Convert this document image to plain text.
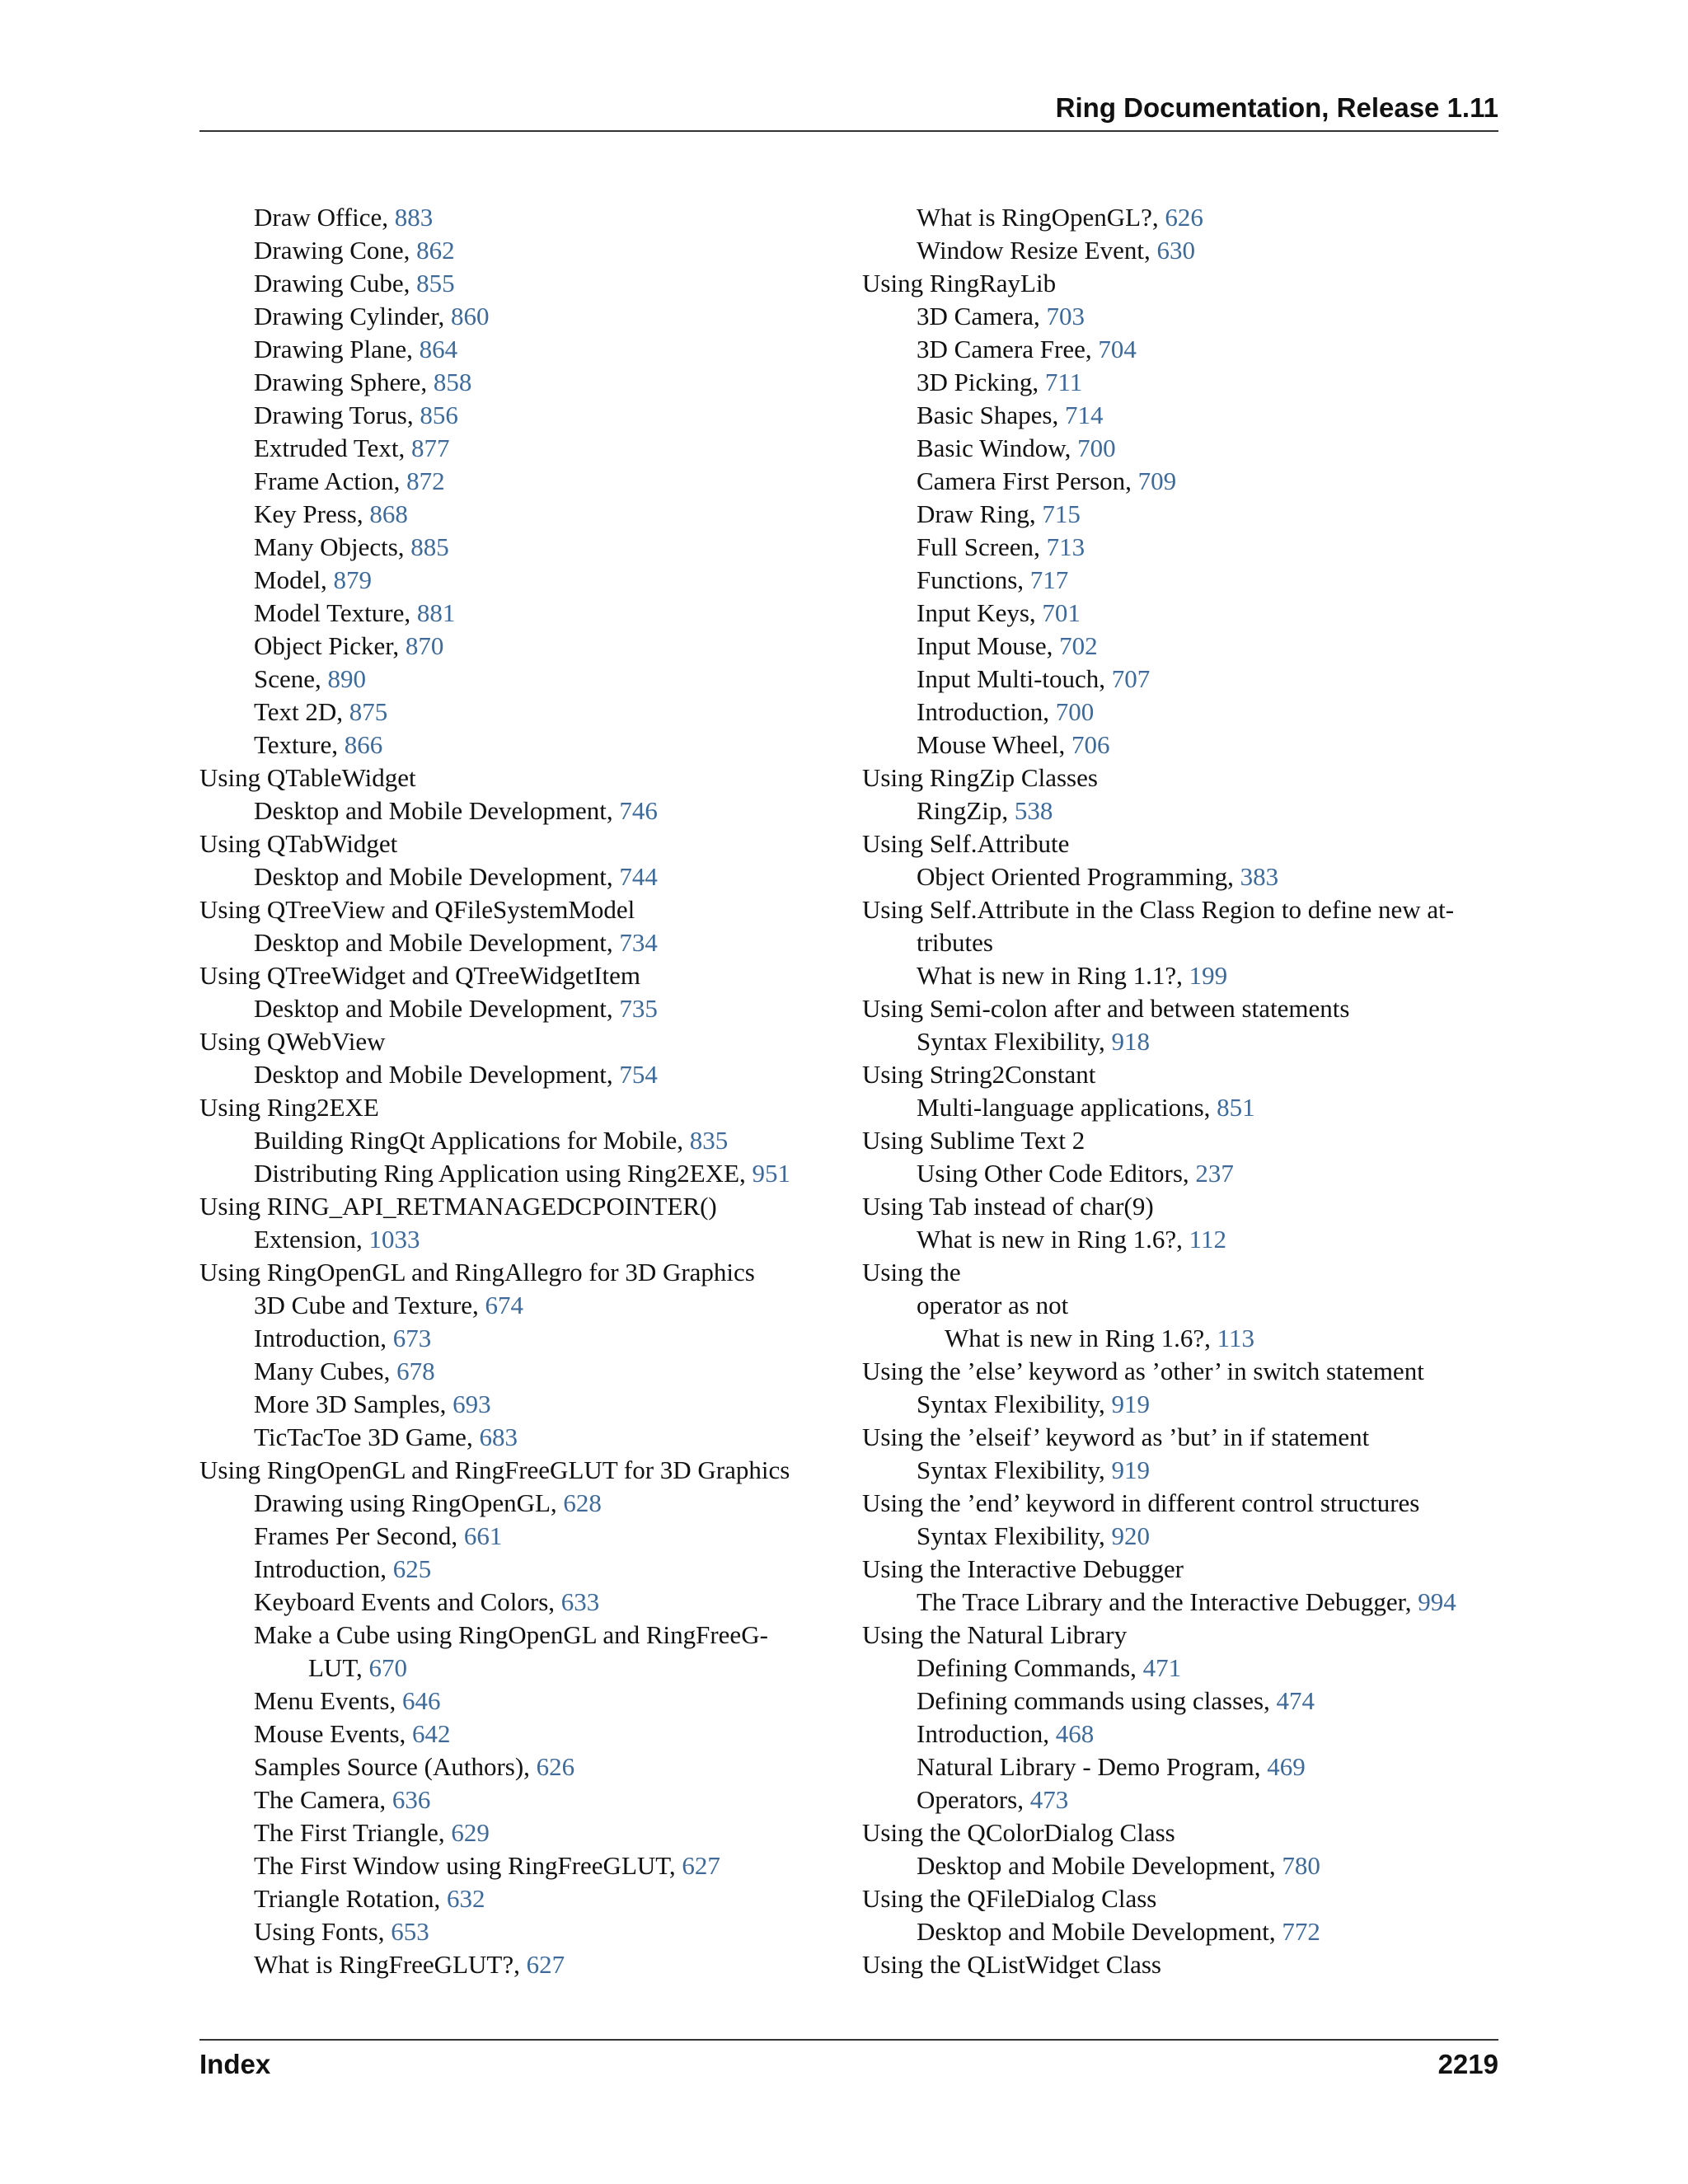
Ring Documentation, Release 1.11
Draw Office, 883
Drawing Cone, 862
Drawing Cube, 855
Drawing Cylinder, 860
Drawing Plane, 864
Drawing Sphere, 858
Drawing Torus, 856
Extruded Text, 877
Frame Action, 872
Key Press, 868
Many Objects, 885
Model, 879
Model Texture, 881
Object Picker, 870
Scene, 890
Text 2D, 875
Texture, 866
Using QTableWidget
Desktop and Mobile Development, 746
Using QTabWidget
Desktop and Mobile Development, 744
Using QTreeView and QFileSystemModel
Desktop and Mobile Development, 734
Using QTreeWidget and QTreeWidgetItem
Desktop and Mobile Development, 735
Using QWebView
Desktop and Mobile Development, 754
Using Ring2EXE
Building RingQt Applications for Mobile, 835
Distributing Ring Application using Ring2EXE, 951
Using RING_API_RETMANAGEDCPOINTER()
Extension, 1033
Using RingOpenGL and RingAllegro for 3D Graphics
3D Cube and Texture, 674
Introduction, 673
Many Cubes, 678
More 3D Samples, 693
TicTacToe 3D Game, 683
Using RingOpenGL and RingFreeGLUT for 3D Graphics
Drawing using RingOpenGL, 628
Frames Per Second, 661
Introduction, 625
Keyboard Events and Colors, 633
Make a Cube using RingOpenGL and RingFreeG-
LUT, 670
Menu Events, 646
Mouse Events, 642
Samples Source (Authors), 626
The Camera, 636
The First Triangle, 629
The First Window using RingFreeGLUT, 627
Triangle Rotation, 632
Using Fonts, 653
What is RingFreeGLUT?, 627
What is RingOpenGL?, 626
Window Resize Event, 630
Using RingRayLib
3D Camera, 703
3D Camera Free, 704
3D Picking, 711
Basic Shapes, 714
Basic Window, 700
Camera First Person, 709
Draw Ring, 715
Full Screen, 713
Functions, 717
Input Keys, 701
Input Mouse, 702
Input Multi-touch, 707
Introduction, 700
Mouse Wheel, 706
Using RingZip Classes
RingZip, 538
Using Self.Attribute
Object Oriented Programming, 383
Using Self.Attribute in the Class Region to define new at-
tributes
What is new in Ring 1.1?, 199
Using Semi-colon after and between statements
Syntax Flexibility, 918
Using String2Constant
Multi-language applications, 851
Using Sublime Text 2
Using Other Code Editors, 237
Using Tab instead of char(9)
What is new in Ring 1.6?, 112
Using the
operator as not
What is new in Ring 1.6?, 113
Using the ’else’ keyword as ’other’ in switch statement
Syntax Flexibility, 919
Using the ’elseif’ keyword as ’but’ in if statement
Syntax Flexibility, 919
Using the ’end’ keyword in different control structures
Syntax Flexibility, 920
Using the Interactive Debugger
The Trace Library and the Interactive Debugger, 994
Using the Natural Library
Defining Commands, 471
Defining commands using classes, 474
Introduction, 468
Natural Library - Demo Program, 469
Operators, 473
Using the QColorDialog Class
Desktop and Mobile Development, 780
Using the QFileDialog Class
Desktop and Mobile Development, 772
Using the QListWidget Class
Index	2219
